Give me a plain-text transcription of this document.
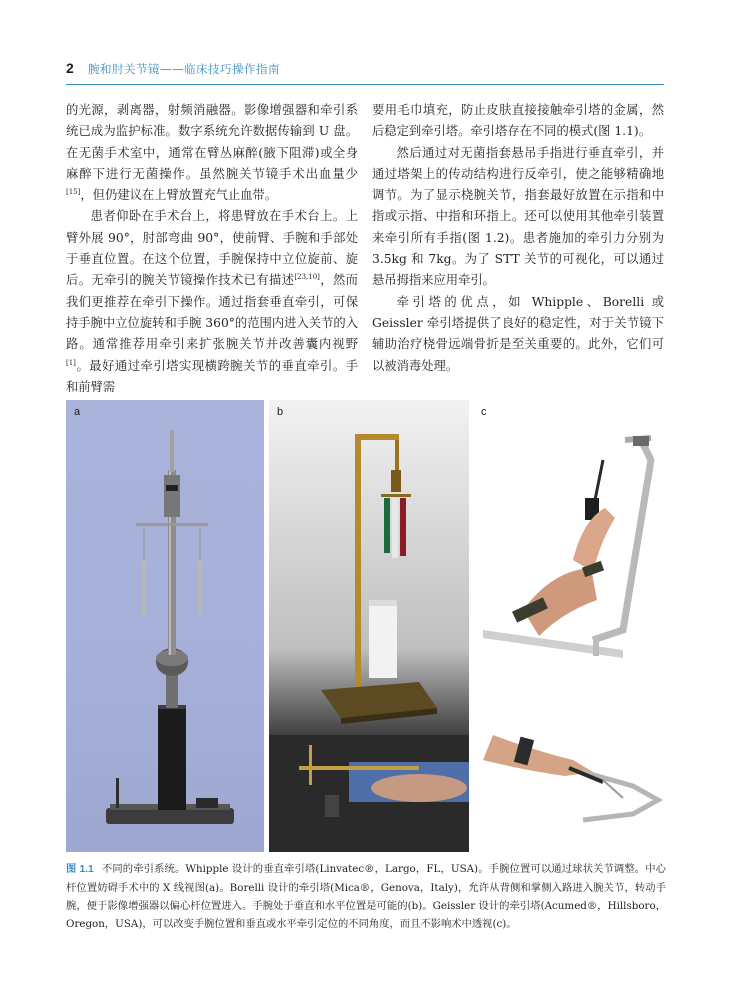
2 腕和肘关节镜——临床技巧操作指南

的光源，剥离器，射频消融器。影像增强器和牵引系统已成为监护标准。数字系统允许数据传输到 U 盘。在无菌手术室中，通常在臂丛麻醉(腋下阻滞)或全身麻醉下进行无菌操作。虽然腕关节镜手术出血量少[15]，但仍建议在上臂放置充气止血带。

患者仰卧在手术台上，将患臂放在手术台上。上臂外展 90°，肘部弯曲 90°，使前臂、手腕和手部处于垂直位置。在这个位置，手腕保持中立位旋前、旋后。无牵引的腕关节镜操作技术已有描述[23,10]，然而我们更推荐在牵引下操作。通过指套垂直牵引，可保持手腕中立位旋转和手腕 360°的范围内进入关节的入路。通常推荐用牵引来扩张腕关节并改善囊内视野[1]。最好通过牵引塔实现横跨腕关节的垂直牵引。手和前臂需

要用毛巾填充，防止皮肤直接接触牵引塔的金属，然后稳定到牵引塔。牵引塔存在不同的模式(图 1.1)。

然后通过对无菌指套悬吊手指进行垂直牵引，并通过塔架上的传动结构进行反牵引，使之能够精确地调节。为了显示桡腕关节，指套最好放置在示指和中指或示指、中指和环指上。还可以使用其他牵引装置来牵引所有手指(图 1.2)。患者施加的牵引力分别为 3.5kg 和 7kg。为了 STT 关节的可视化，可以通过悬吊拇指来应用牵引。

牵引塔的优点，如 Whipple、Borelli 或 Geissler 牵引塔提供了良好的稳定性，对于关节镜下辅助治疗桡骨远端骨折是至关重要的。此外，它们可以被消毒处理。

a	b	c
图 1.1 不同的牵引系统。Whipple 设计的垂直牵引塔(Linvatec®，Largo，FL，USA)。手腕位置可以通过球状关节调整。中心杆位置妨碍手术中的 X 线视图(a)。Borelli 设计的牵引塔(Mica®，Genova，Italy)，允许从背侧和掌侧入路进入腕关节，转动手腕，便于影像增强器以偏心杆位置进入。手腕处于垂直和水平位置是可能的(b)。Geissler 设计的牵引塔(Acumed®，Hillsboro，Oregon，USA)，可以改变手腕位置和垂直或水平牵引定位的不同角度，而且不影响术中透视(c)。
